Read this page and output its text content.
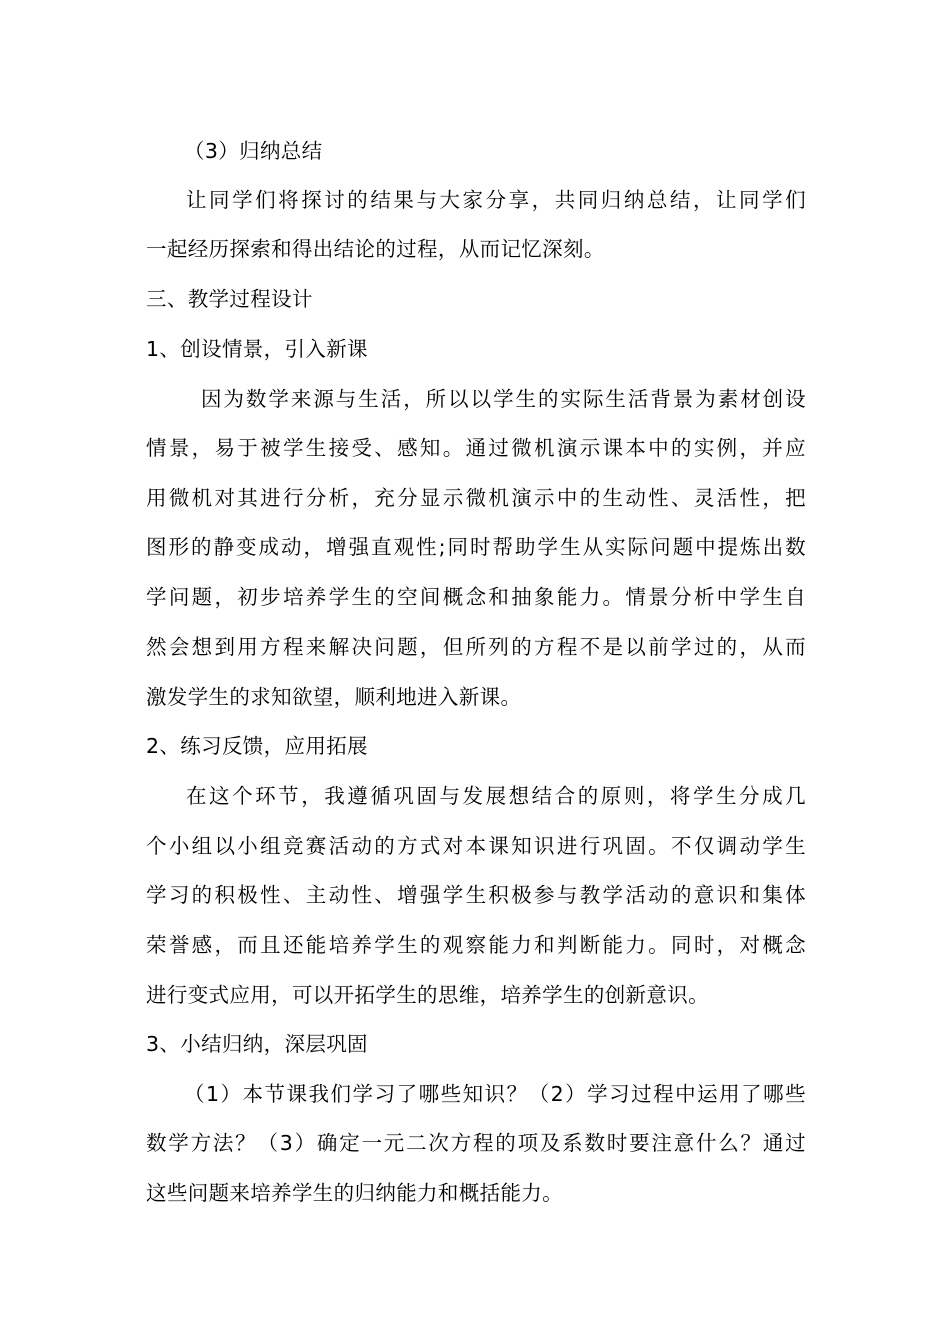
（3）归纳总结
让同学们将探讨的结果与大家分享，共同归纳总结，让同学们
一起经历探索和得出结论的过程，从而记忆深刻。
三、教学过程设计
1、创设情景，引入新课
因为数学来源与生活，所以以学生的实际生活背景为素材创设
情景，易于被学生接受、感知。通过微机演示课本中的实例，并应
用微机对其进行分析，充分显示微机演示中的生动性、灵活性，把
图形的静变成动，增强直观性;同时帮助学生从实际问题中提炼出数
学问题，初步培养学生的空间概念和抽象能力。情景分析中学生自
然会想到用方程来解决问题，但所列的方程不是以前学过的，从而
激发学生的求知欲望，顺利地进入新课。
2、练习反馈，应用拓展
在这个环节，我遵循巩固与发展想结合的原则，将学生分成几
个小组以小组竞赛活动的方式对本课知识进行巩固。不仅调动学生
学习的积极性、主动性、增强学生积极参与教学活动的意识和集体
荣誉感，而且还能培养学生的观察能力和判断能力。同时，对概念
进行变式应用，可以开拓学生的思维，培养学生的创新意识。
3、小结归纳，深层巩固
（1）本节课我们学习了哪些知识？（2）学习过程中运用了哪些
数学方法？（3）确定一元二次方程的项及系数时要注意什么？通过
这些问题来培养学生的归纳能力和概括能力。
